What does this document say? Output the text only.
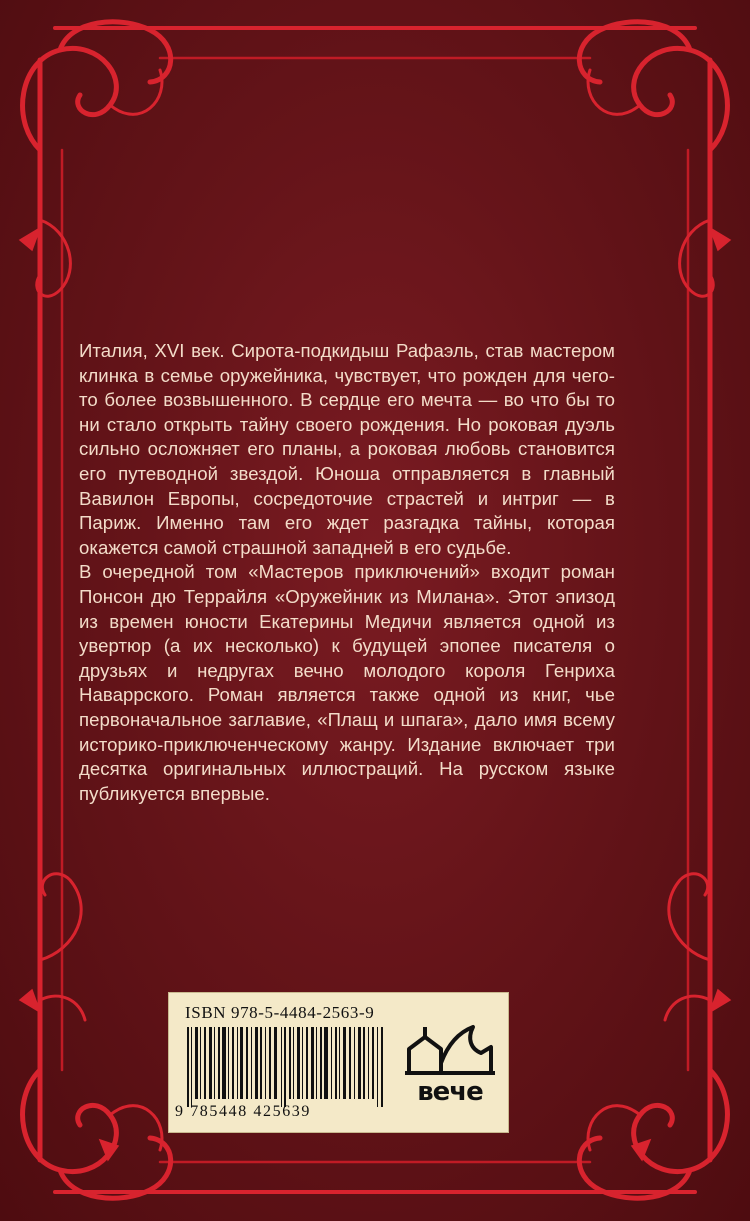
Италия, XVI век. Сирота-подкидыш Рафаэль, став мастером клинка в семье оружейника, чувствует, что рожден для чего-то более возвышенного. В сердце его мечта — во что бы то ни стало открыть тайну своего рождения. Но роковая дуэль сильно осложняет его планы, а роковая любовь становится его путеводной звездой. Юноша отправляется в главный Вавилон Европы, сосредоточие страстей и интриг — в Париж. Именно там его ждет разгадка тайны, которая окажется самой страшной западней в его судьбе.

В очередной том «Мастеров приключений» входит роман Понсон дю Террайля «Оружейник из Милана». Этот эпизод из времен юности Екатерины Медичи является одной из увертюр (а их несколько) к будущей эпопее писателя о друзьях и недругах вечно молодого короля Генриха Наваррского. Роман является также одной из книг, чье первоначальное заглавие, «Плащ и шпага», дало имя всему историко-приключенческому жанру. Издание включает три десятка оригинальных иллюстраций. На русском языке публикуется впервые.

ISBN 978-5-4484-2563-9
9 785448 425639
вече
